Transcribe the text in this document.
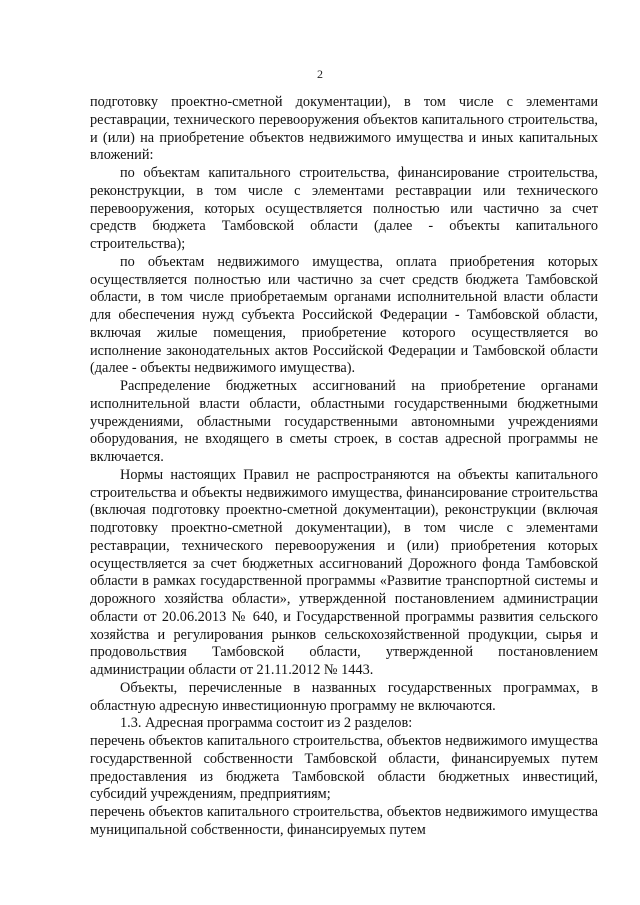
2

подготовку проектно-сметной документации), в том числе с элементами реставрации, технического перевооружения объектов капитального строительства, и (или) на приобретение объектов недвижимого имущества и иных капитальных вложений:

по объектам капитального строительства, финансирование строительства, реконструкции, в том числе с элементами реставрации или технического перевооружения, которых осуществляется полностью или частично за счет средств бюджета Тамбовской области (далее - объекты капитального строительства);

по объектам недвижимого имущества, оплата приобретения которых осуществляется полностью или частично за счет средств бюджета Тамбовской области, в том числе приобретаемым органами исполнительной власти области для обеспечения нужд субъекта Российской Федерации - Тамбовской области, включая жилые помещения, приобретение которого осуществляется во исполнение законодательных актов Российской Федерации и Тамбовской области (далее - объекты недвижимого имущества).

Распределение бюджетных ассигнований на приобретение органами исполнительной власти области, областными государственными бюджетными учреждениями, областными государственными автономными учреждениями оборудования, не входящего в сметы строек, в состав адресной программы не включается.

Нормы настоящих Правил не распространяются на объекты капитального строительства и объекты недвижимого имущества, финансирование строительства (включая подготовку проектно-сметной документации), реконструкции (включая подготовку проектно-сметной документации), в том числе с элементами реставрации, технического перевооружения и (или) приобретения которых осуществляется за счет бюджетных ассигнований Дорожного фонда Тамбовской области в рамках государственной программы «Развитие транспортной системы и дорожного хозяйства области», утвержденной постановлением администрации области от 20.06.2013 № 640, и Государственной программы развития сельского хозяйства и регулирования рынков сельскохозяйственной продукции, сырья и продовольствия Тамбовской области, утвержденной постановлением администрации области от 21.11.2012 № 1443.

Объекты, перечисленные в названных государственных программах, в областную адресную инвестиционную программу не включаются.

1.3. Адресная программа состоит из 2 разделов:

перечень объектов капитального строительства, объектов недвижимого имущества государственной собственности Тамбовской области, финансируемых путем предоставления из бюджета Тамбовской области бюджетных инвестиций, субсидий учреждениям, предприятиям;

перечень объектов капитального строительства, объектов недвижимого имущества муниципальной собственности, финансируемых путем
